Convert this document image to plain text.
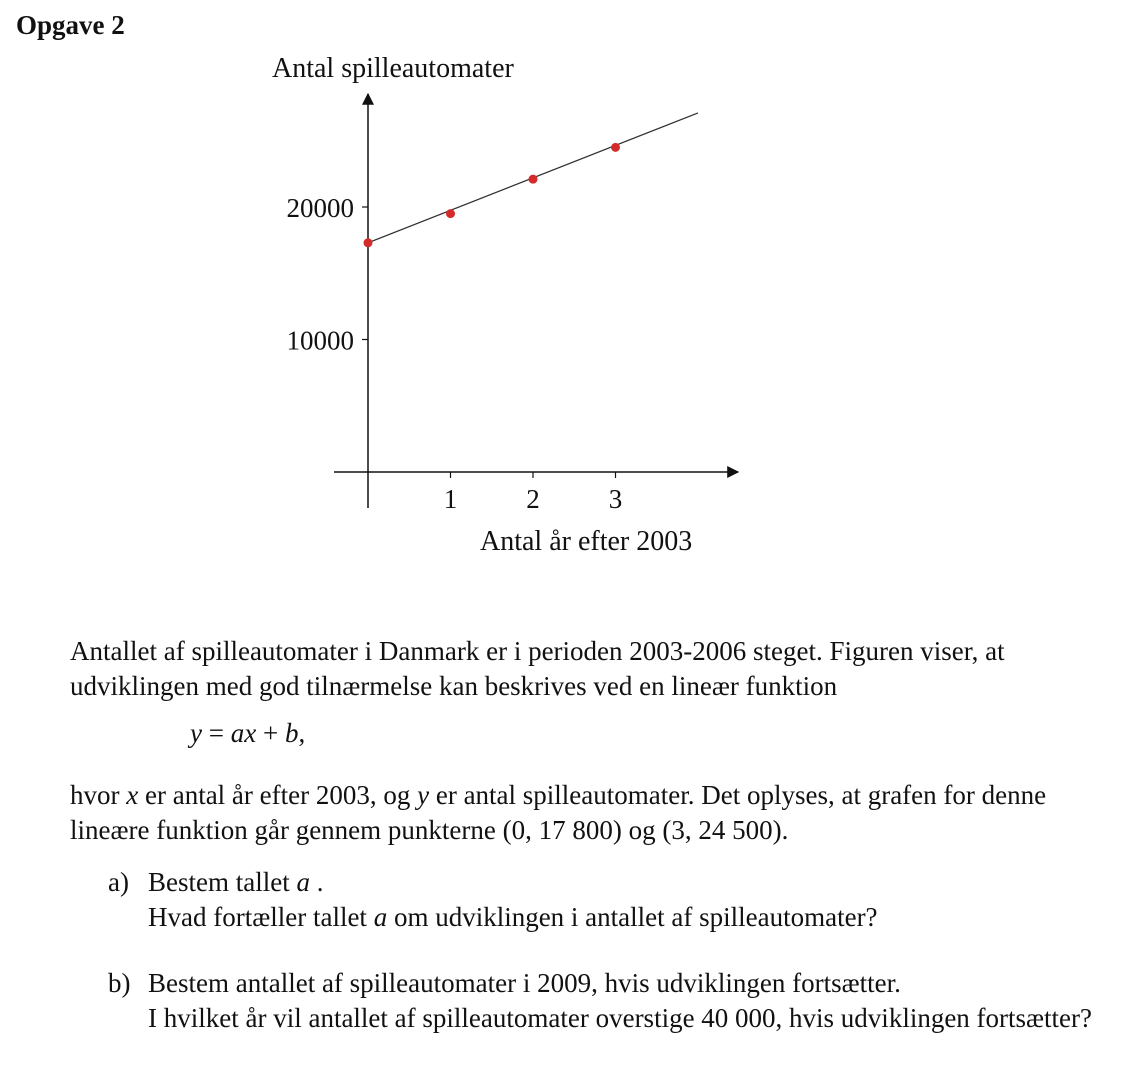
Opgave 2
10000
20000
1	2	3
Antal spilleautomater
Antal år efter 2003
Antallet af spilleautomater i Danmark er i perioden 2003-2006 steget. Figuren viser, at udviklingen med god tilnærmelse kan beskrives ved en lineær funktion
y = ax + b,
hvor x er antal år efter 2003, og y er antal spilleautomater. Det oplyses, at grafen for denne lineære funktion går gennem punkterne (0, 17 800) og (3, 24 500).
a) Bestem tallet a .
Hvad fortæller tallet a om udviklingen i antallet af spilleautomater?
b) Bestem antallet af spilleautomater i 2009, hvis udviklingen fortsætter.
I hvilket år vil antallet af spilleautomater overstige 40 000, hvis udviklingen fortsætter?
